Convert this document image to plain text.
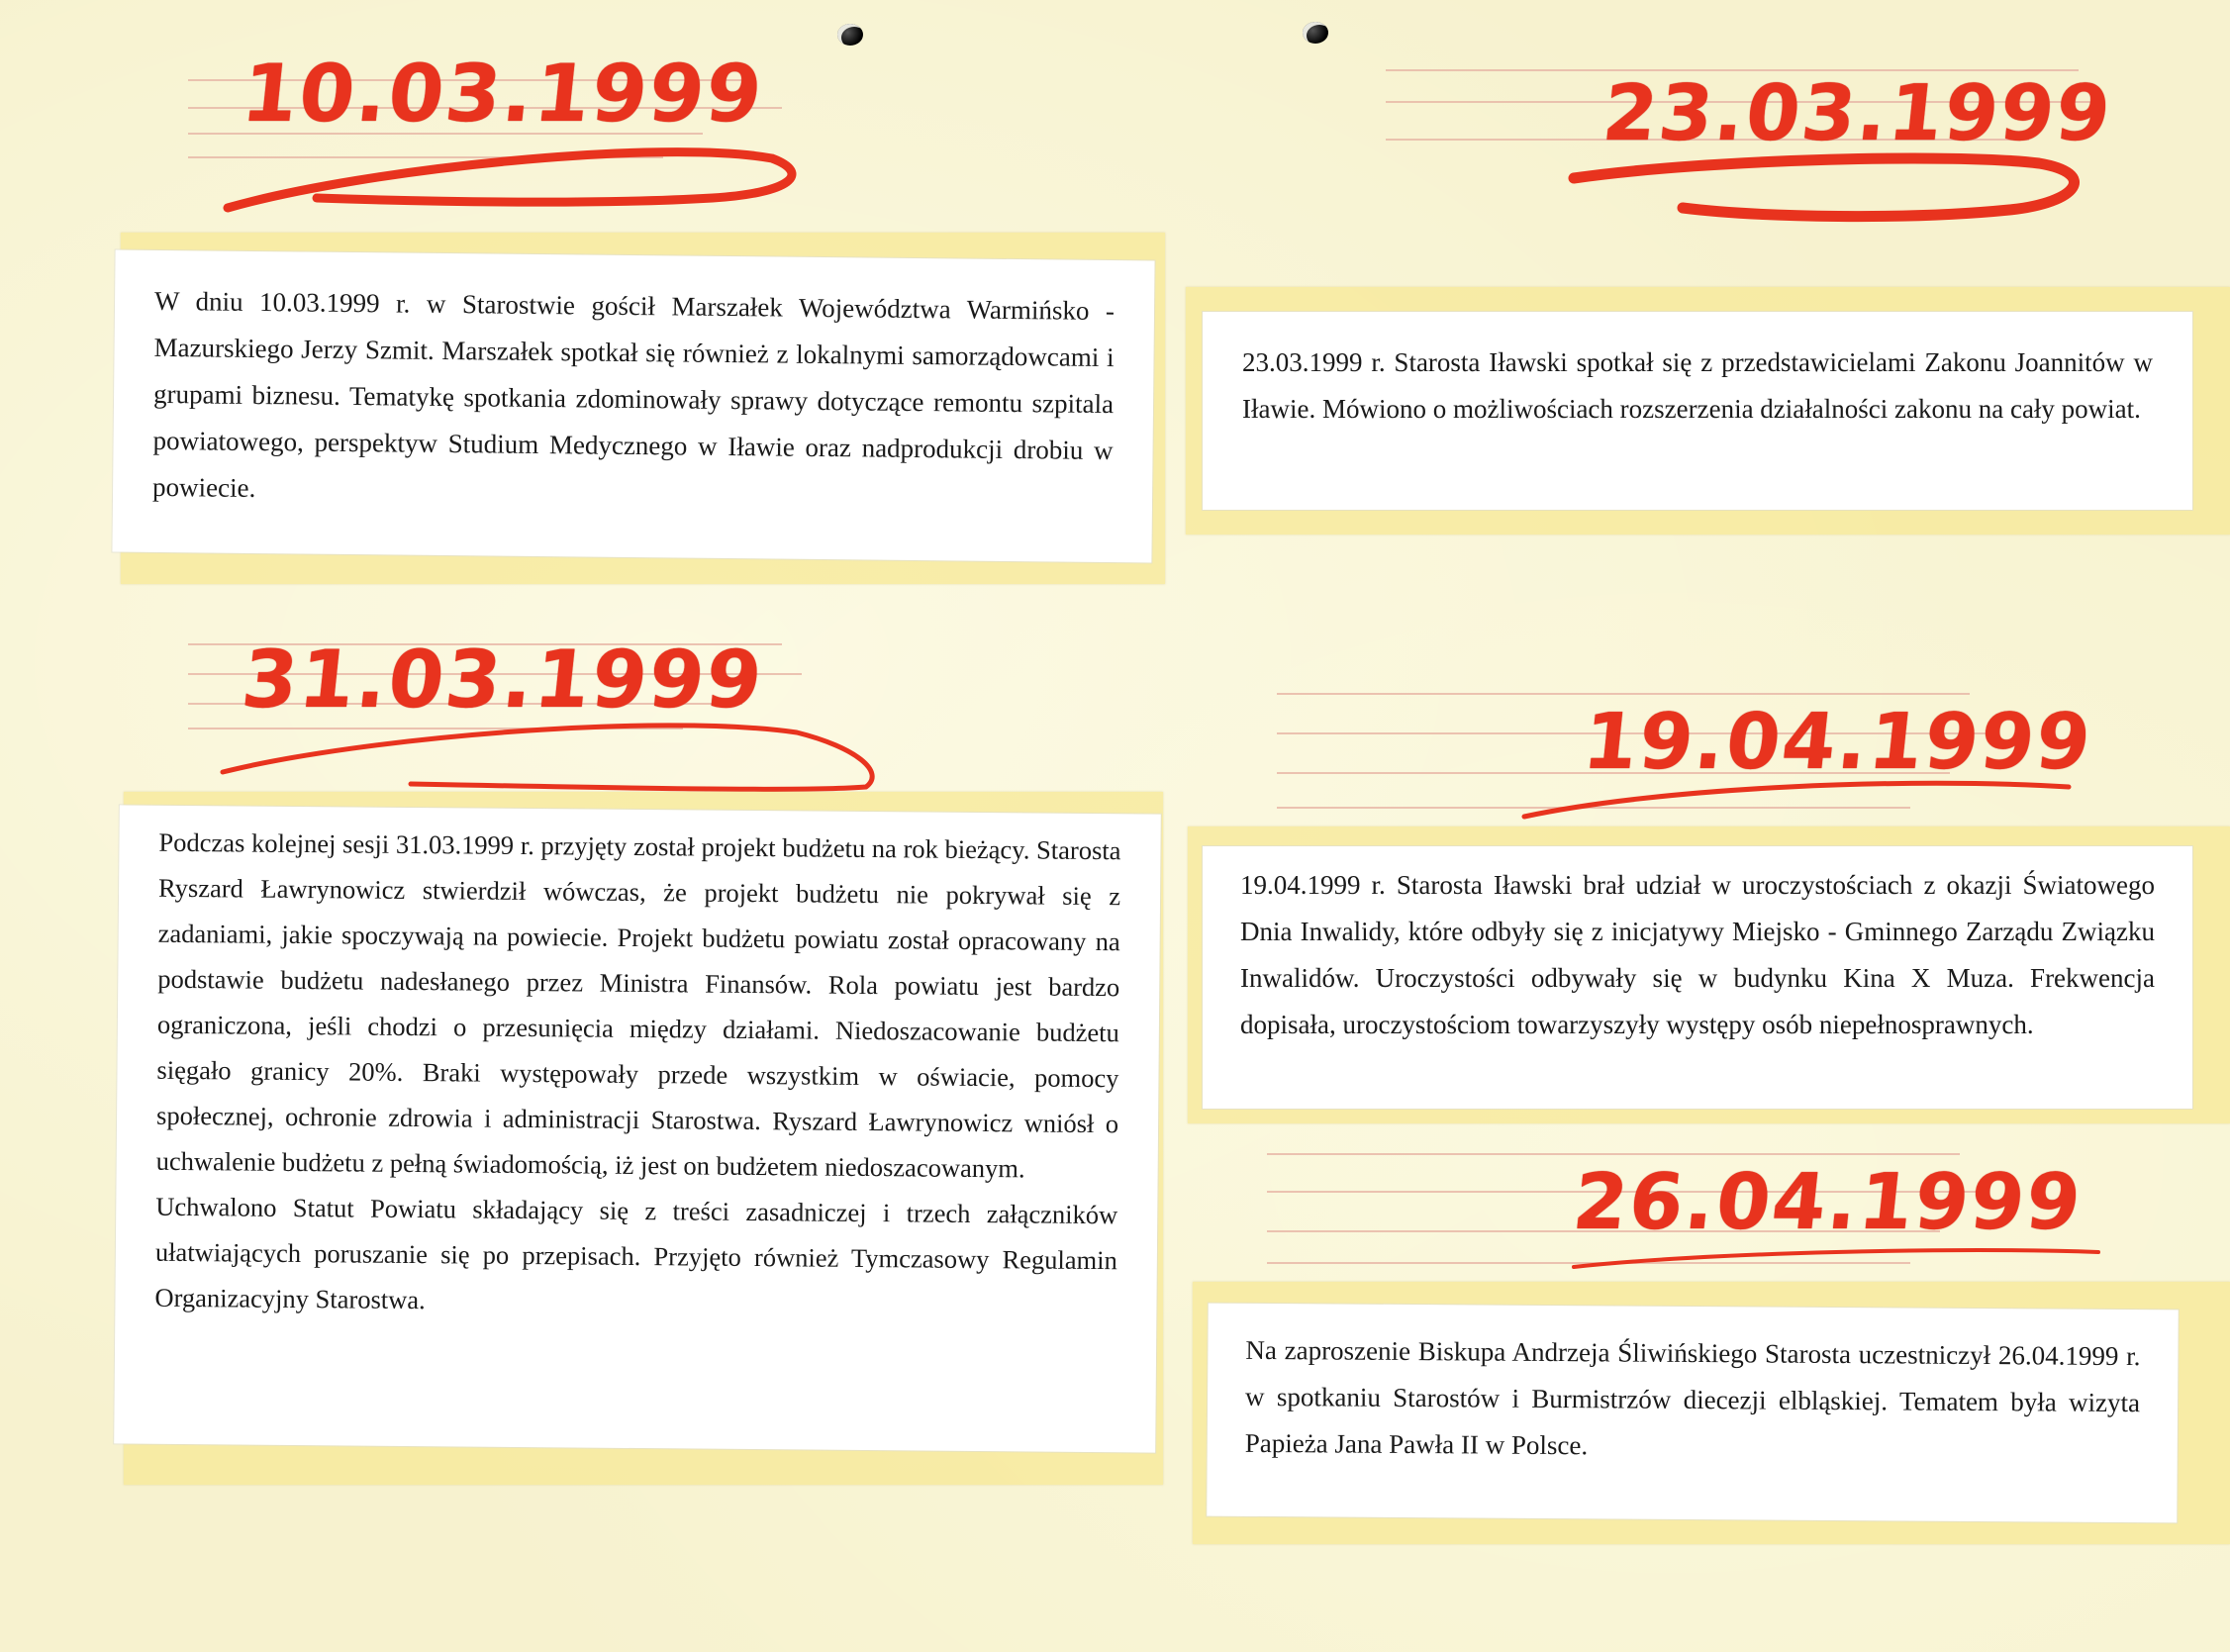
10.03.1999

W dniu 10.03.1999 r. w Starostwie gościł Marszałek Województwa Warmińsko - Mazurskiego Jerzy Szmit. Marszałek spotkał się również z lokalnymi samorządowcami i grupami biznesu. Tematykę spotkania zdominowały sprawy dotyczące remontu szpitala powiatowego, perspektyw Studium Medycznego w Iławie oraz nadprodukcji drobiu w powiecie.

23.03.1999

23.03.1999 r. Starosta Iławski spotkał się z przedstawicielami Zakonu Joannitów w Iławie. Mówiono o możliwościach rozszerzenia działalności zakonu na cały powiat.

31.03.1999

Podczas kolejnej sesji 31.03.1999 r. przyjęty został projekt budżetu na rok bieżący. Starosta Ryszard Ławrynowicz stwierdził wówczas, że projekt budżetu nie pokrywał się z zadaniami, jakie spoczywają na powiecie. Projekt budżetu powiatu został opracowany na podstawie budżetu nadesłanego przez Ministra Finansów. Rola powiatu jest bardzo ograniczona, jeśli chodzi o przesunięcia między działami. Niedoszacowanie budżetu sięgało granicy 20%. Braki występowały przede wszystkim w oświacie, pomocy społecznej, ochronie zdrowia i administracji Starostwa. Ryszard Ławrynowicz wniósł o uchwalenie budżetu z pełną świadomością, iż jest on budżetem niedoszacowanym.

Uchwalono Statut Powiatu składający się z treści zasadniczej i trzech załączników ułatwiających poruszanie się po przepisach. Przyjęto również Tymczasowy Regulamin Organizacyjny Starostwa.

19.04.1999

19.04.1999 r. Starosta Iławski brał udział w uroczystościach z okazji Światowego Dnia Inwalidy, które odbyły się z inicjatywy Miejsko - Gminnego Zarządu Związku Inwalidów. Uroczystości odbywały się w budynku Kina X Muza. Frekwencja dopisała, uroczystościom towarzyszyły występy osób niepełnosprawnych.

26.04.1999

Na zaproszenie Biskupa Andrzeja Śliwińskiego Starosta uczestniczył 26.04.1999 r. w spotkaniu Starostów i Burmistrzów diecezji elbląskiej. Tematem była wizyta Papieża Jana Pawła II w Polsce.
